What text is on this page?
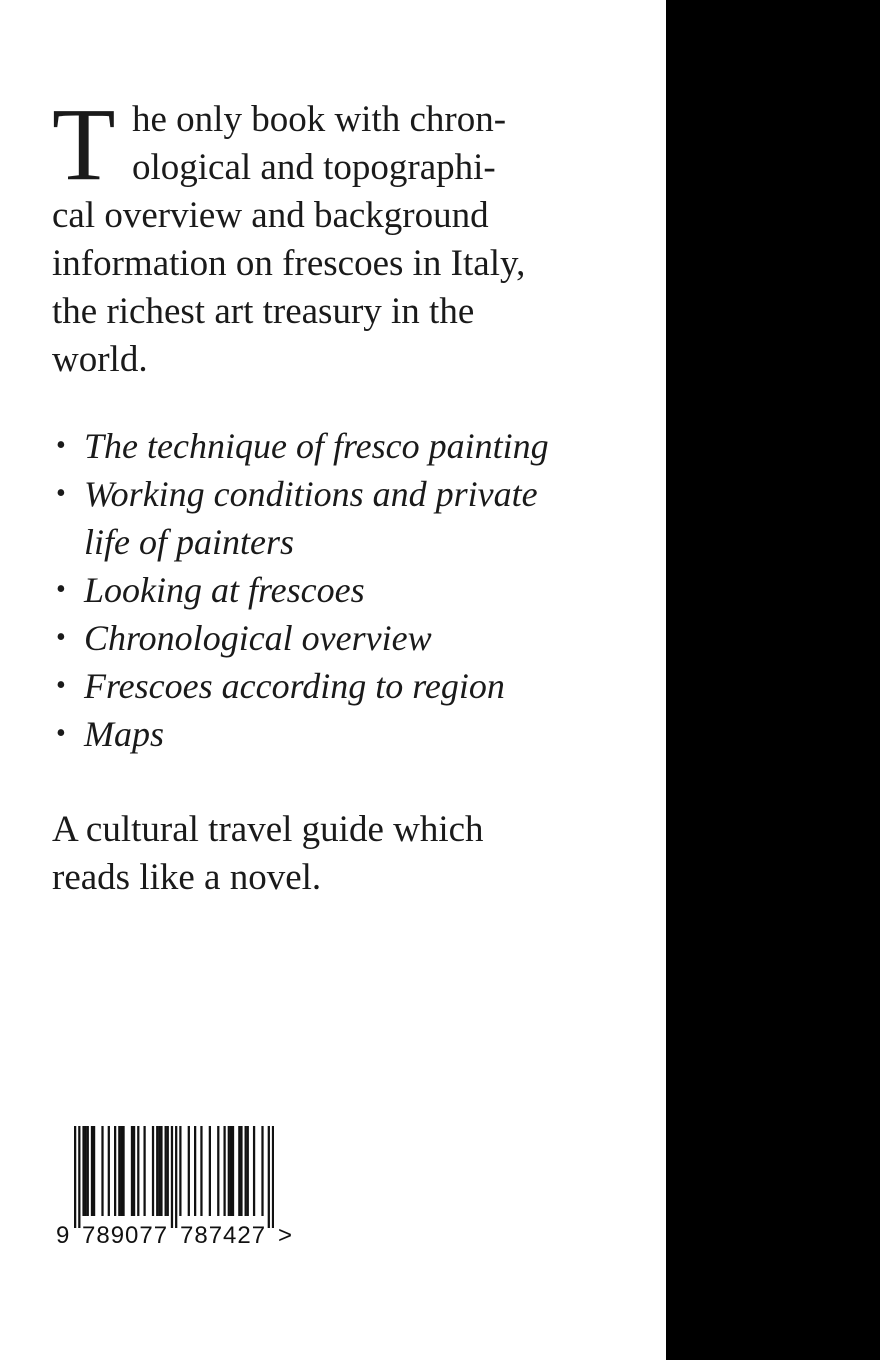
T he only book with chron-
ological and topographi-
cal overview and background
information on frescoes in Italy,
the richest art treasury in the
world.

• The technique of fresco painting
• Working conditions and private
life of painters
• Looking at frescoes
• Chronological overview
• Frescoes according to region
• Maps

A cultural travel guide which
reads like a novel.

9 789077 787427 >
